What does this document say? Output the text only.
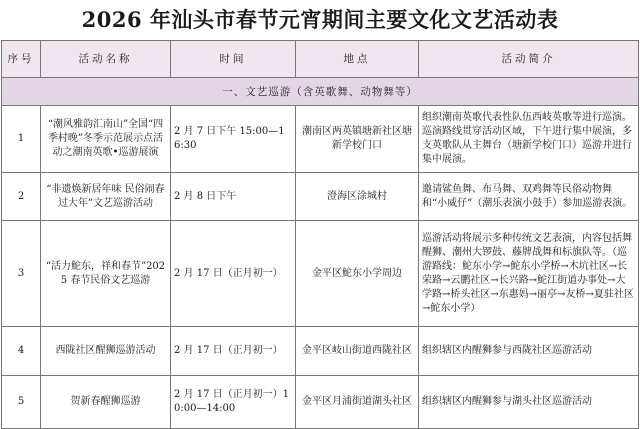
2026 年汕头市春节元宵期间主要文化文艺活动表
序号	活动名称	时间	地点	活动简介
一、文艺巡游（含英歌舞、动物舞等）				
1	“潮风雅韵汇南山”全国“四季村晚”冬季示范展示点活动之潮南英歌•巡游展演	2 月 7 日下午 15:00—16:30	潮南区两英镇塘新社区塘新学校门口	组织潮南英歌代表性队伍西岐英歌等进行巡演。巡演路线贯穿活动区域，下午进行集中展演，多支英歌队从主舞台（塘新学校门口）巡游并进行集中展演。
2	“非遗焕新居年味 民俗闹春过大年”文艺巡游活动	2 月 8 日下午	澄海区涂城村	邀请鲨鱼舞、布马舞、双鸡舞等民俗动物舞和“小威仔”（潮乐表演小鼓手）参加巡游表演。
3	“活力鮀东，祥和春节”2025 春节民俗文艺巡游	2 月 17 日（正月初一）	金平区鮀东小学周边	巡游活动将展示多种传统文艺表演，内容包括舞醒狮、潮州大锣鼓、藤牌战舞和标旗队等。（巡游路线：鮀东小学→鮀东小学桥→木坑社区→长荣路→云鹏社区→长兴路→鮀江街道办事处→大学路→桥头社区→东惠妈→丽亭→友桥→夏驻社区→鮀东小学）
4	西陇社区醒狮巡游活动	2 月 17 日（正月初一）	金平区岐山街道西陇社区	组织辖区内醒狮参与西陇社区巡游活动
5	贺新春醒狮巡游	2 月 17 日（正月初一）10:00—14:00	金平区月浦街道湖头社区	组织辖区内醒狮参与湖头社区巡游活动
